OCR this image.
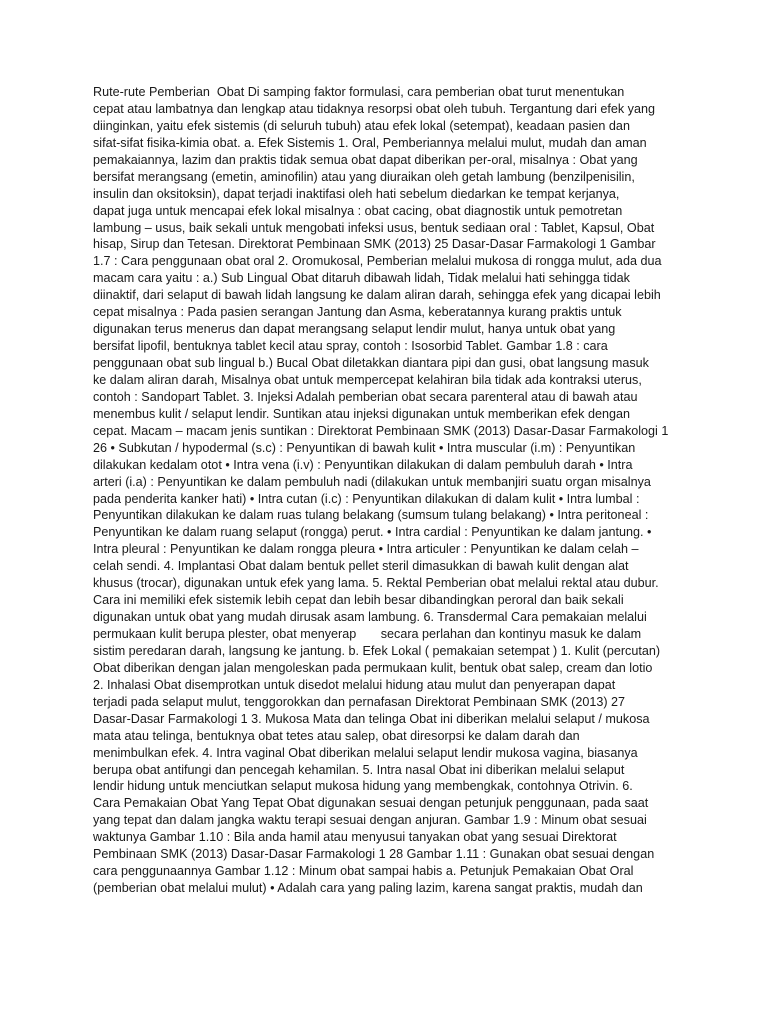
Rute-rute Pemberian  Obat Di samping faktor formulasi, cara pemberian obat turut menentukan
cepat atau lambatnya dan lengkap atau tidaknya resorpsi obat oleh tubuh. Tergantung dari efek yang
diinginkan, yaitu efek sistemis (di seluruh tubuh) atau efek lokal (setempat), keadaan pasien dan
sifat-sifat fisika-kimia obat. a. Efek Sistemis 1. Oral, Pemberiannya melalui mulut, mudah dan aman
pemakaiannya, lazim dan praktis tidak semua obat dapat diberikan per-oral, misalnya : Obat yang
bersifat merangsang (emetin, aminofilin) atau yang diuraikan oleh getah lambung (benzilpenisilin,
insulin dan oksitoksin), dapat terjadi inaktifasi oleh hati sebelum diedarkan ke tempat kerjanya,
dapat juga untuk mencapai efek lokal misalnya : obat cacing, obat diagnostik untuk pemotretan
lambung – usus, baik sekali untuk mengobati infeksi usus, bentuk sediaan oral : Tablet, Kapsul, Obat
hisap, Sirup dan Tetesan. Direktorat Pembinaan SMK (2013) 25 Dasar-Dasar Farmakologi 1 Gambar
1.7 : Cara penggunaan obat oral 2. Oromukosal, Pemberian melalui mukosa di rongga mulut, ada dua
macam cara yaitu : a.) Sub Lingual Obat ditaruh dibawah lidah, Tidak melalui hati sehingga tidak
diinaktif, dari selaput di bawah lidah langsung ke dalam aliran darah, sehingga efek yang dicapai lebih
cepat misalnya : Pada pasien serangan Jantung dan Asma, keberatannya kurang praktis untuk
digunakan terus menerus dan dapat merangsang selaput lendir mulut, hanya untuk obat yang
bersifat lipofil, bentuknya tablet kecil atau spray, contoh : Isosorbid Tablet. Gambar 1.8 : cara
penggunaan obat sub lingual b.) Bucal Obat diletakkan diantara pipi dan gusi, obat langsung masuk
ke dalam aliran darah, Misalnya obat untuk mempercepat kelahiran bila tidak ada kontraksi uterus,
contoh : Sandopart Tablet. 3. Injeksi Adalah pemberian obat secara parenteral atau di bawah atau
menembus kulit / selaput lendir. Suntikan atau injeksi digunakan untuk memberikan efek dengan
cepat. Macam – macam jenis suntikan : Direktorat Pembinaan SMK (2013) Dasar-Dasar Farmakologi 1
26 • Subkutan / hypodermal (s.c) : Penyuntikan di bawah kulit • Intra muscular (i.m) : Penyuntikan
dilakukan kedalam otot • Intra vena (i.v) : Penyuntikan dilakukan di dalam pembuluh darah • Intra
arteri (i.a) : Penyuntikan ke dalam pembuluh nadi (dilakukan untuk membanjiri suatu organ misalnya
pada penderita kanker hati) • Intra cutan (i.c) : Penyuntikan dilakukan di dalam kulit • Intra lumbal :
Penyuntikan dilakukan ke dalam ruas tulang belakang (sumsum tulang belakang) • Intra peritoneal :
Penyuntikan ke dalam ruang selaput (rongga) perut. • Intra cardial : Penyuntikan ke dalam jantung. •
Intra pleural : Penyuntikan ke dalam rongga pleura • Intra articuler : Penyuntikan ke dalam celah –
celah sendi. 4. Implantasi Obat dalam bentuk pellet steril dimasukkan di bawah kulit dengan alat
khusus (trocar), digunakan untuk efek yang lama. 5. Rektal Pemberian obat melalui rektal atau dubur.
Cara ini memiliki efek sistemik lebih cepat dan lebih besar dibandingkan peroral dan baik sekali
digunakan untuk obat yang mudah dirusak asam lambung. 6. Transdermal Cara pemakaian melalui
permukaan kulit berupa plester, obat menyerap       secara perlahan dan kontinyu masuk ke dalam
sistim peredaran darah, langsung ke jantung. b. Efek Lokal ( pemakaian setempat ) 1. Kulit (percutan)
Obat diberikan dengan jalan mengoleskan pada permukaan kulit, bentuk obat salep, cream dan lotio
2. Inhalasi Obat disemprotkan untuk disedot melalui hidung atau mulut dan penyerapan dapat
terjadi pada selaput mulut, tenggorokkan dan pernafasan Direktorat Pembinaan SMK (2013) 27
Dasar-Dasar Farmakologi 1 3. Mukosa Mata dan telinga Obat ini diberikan melalui selaput / mukosa
mata atau telinga, bentuknya obat tetes atau salep, obat diresorpsi ke dalam darah dan
menimbulkan efek. 4. Intra vaginal Obat diberikan melalui selaput lendir mukosa vagina, biasanya
berupa obat antifungi dan pencegah kehamilan. 5. Intra nasal Obat ini diberikan melalui selaput
lendir hidung untuk menciutkan selaput mukosa hidung yang membengkak, contohnya Otrivin. 6.
Cara Pemakaian Obat Yang Tepat Obat digunakan sesuai dengan petunjuk penggunaan, pada saat
yang tepat dan dalam jangka waktu terapi sesuai dengan anjuran. Gambar 1.9 : Minum obat sesuai
waktunya Gambar 1.10 : Bila anda hamil atau menyusui tanyakan obat yang sesuai Direktorat
Pembinaan SMK (2013) Dasar-Dasar Farmakologi 1 28 Gambar 1.11 : Gunakan obat sesuai dengan
cara penggunaannya Gambar 1.12 : Minum obat sampai habis a. Petunjuk Pemakaian Obat Oral
(pemberian obat melalui mulut) • Adalah cara yang paling lazim, karena sangat praktis, mudah dan
